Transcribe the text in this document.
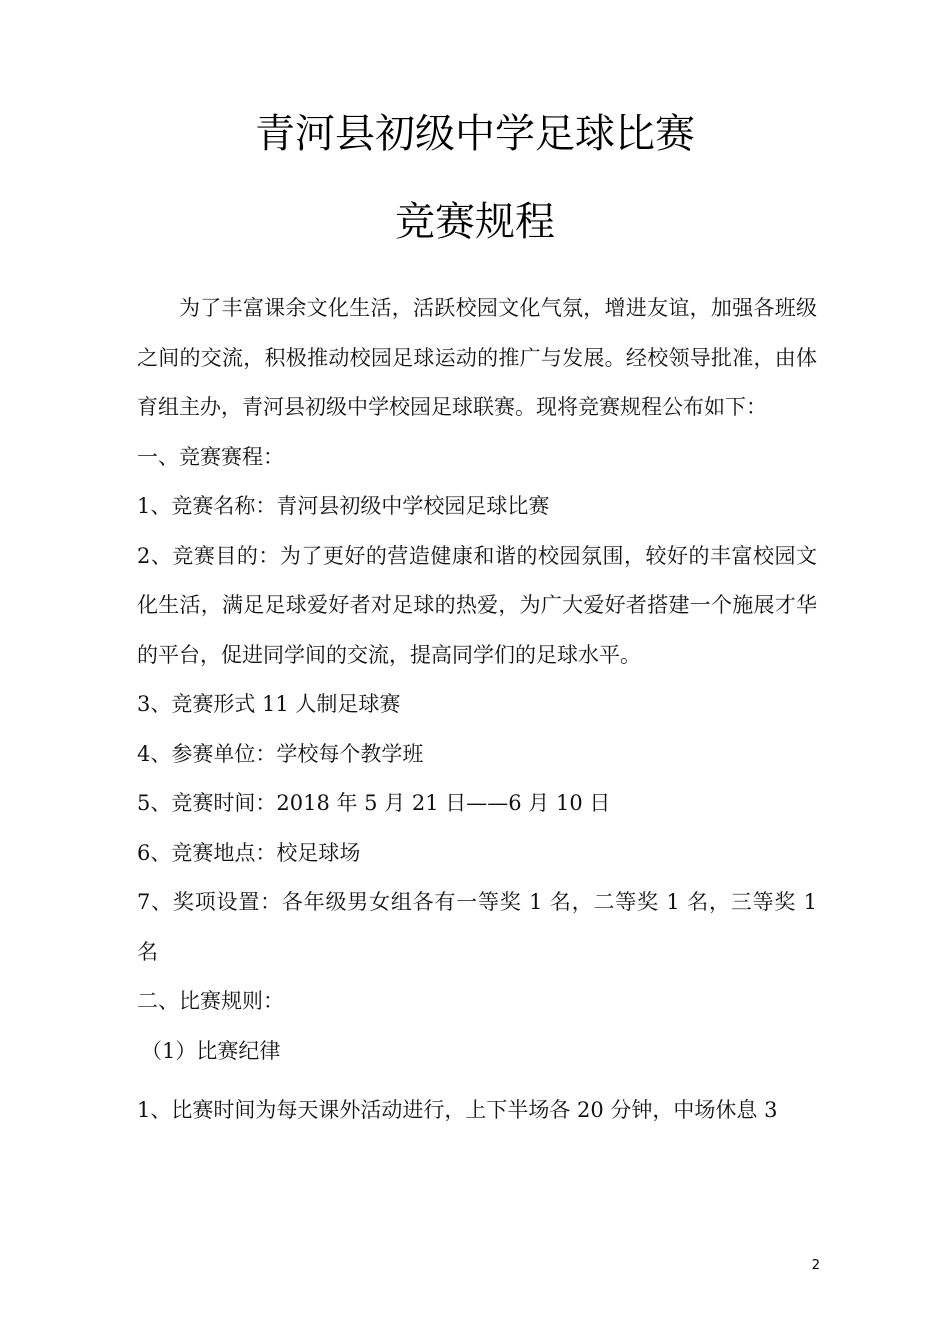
青河县初级中学足球比赛
竞赛规程

为了丰富课余文化生活，活跃校园文化气氛，增进友谊，加强各班级之间的交流，积极推动校园足球运动的推广与发展。经校领导批准，由体育组主办，青河县初级中学校园足球联赛。现将竞赛规程公布如下：

一、竞赛赛程：

1、竞赛名称：青河县初级中学校园足球比赛

2、竞赛目的：为了更好的营造健康和谐的校园氛围，较好的丰富校园文化生活，满足足球爱好者对足球的热爱，为广大爱好者搭建一个施展才华的平台，促进同学间的交流，提高同学们的足球水平。

3、竞赛形式 11 人制足球赛

4、参赛单位：学校每个教学班

5、竞赛时间：2018 年 5 月 21 日——6 月 10 日

6、竞赛地点：校足球场

7、奖项设置：各年级男女组各有一等奖 1 名，二等奖 1 名，三等奖 1 名

二、比赛规则：

（1）比赛纪律

1、比赛时间为每天课外活动进行，上下半场各 20 分钟，中场休息 3

2
